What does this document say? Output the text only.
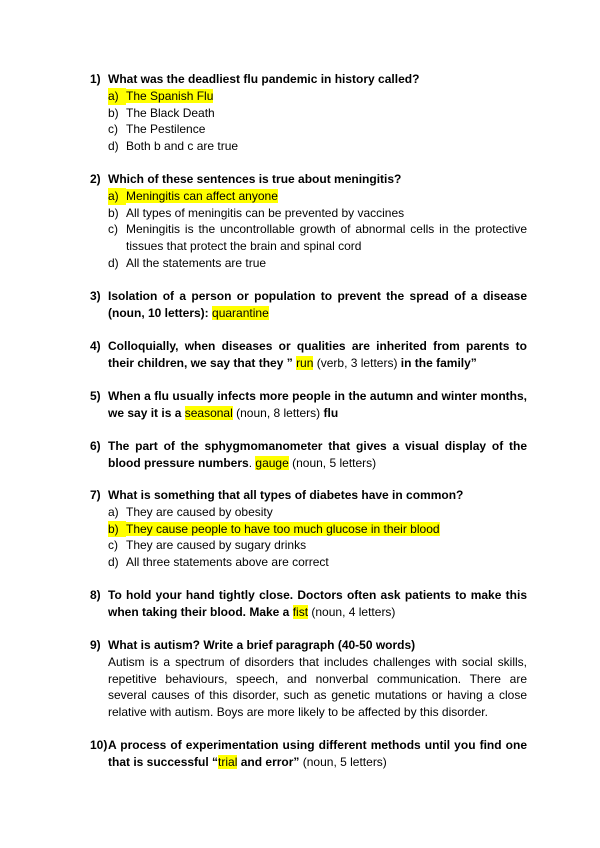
1) What was the deadliest flu pandemic in history called?
a) The Spanish Flu
b) The Black Death
c) The Pestilence
d) Both b and c are true
2) Which of these sentences is true about meningitis?
a) Meningitis can affect anyone
b) All types of meningitis can be prevented by vaccines
c) Meningitis is the uncontrollable growth of abnormal cells in the protective tissues that protect the brain and spinal cord
d) All the statements are true
3) Isolation of a person or population to prevent the spread of a disease (noun, 10 letters): quarantine
4) Colloquially, when diseases or qualities are inherited from parents to their children, we say that they ” run (verb, 3 letters) in the family”
5) When a flu usually infects more people in the autumn and winter months, we say it is a seasonal (noun, 8 letters) flu
6) The part of the sphygmomanometer that gives a visual display of the blood pressure numbers. gauge (noun, 5 letters)
7) What is something that all types of diabetes have in common?
a) They are caused by obesity
b) They cause people to have too much glucose in their blood
c) They are caused by sugary drinks
d) All three statements above are correct
8) To hold your hand tightly close. Doctors often ask patients to make this when taking their blood. Make a fist (noun, 4 letters)
9) What is autism? Write a brief paragraph (40-50 words)
Autism is a spectrum of disorders that includes challenges with social skills, repetitive behaviours, speech, and nonverbal communication. There are several causes of this disorder, such as genetic mutations or having a close relative with autism. Boys are more likely to be affected by this disorder.
10) A process of experimentation using different methods until you find one that is successful “trial and error” (noun, 5 letters)
